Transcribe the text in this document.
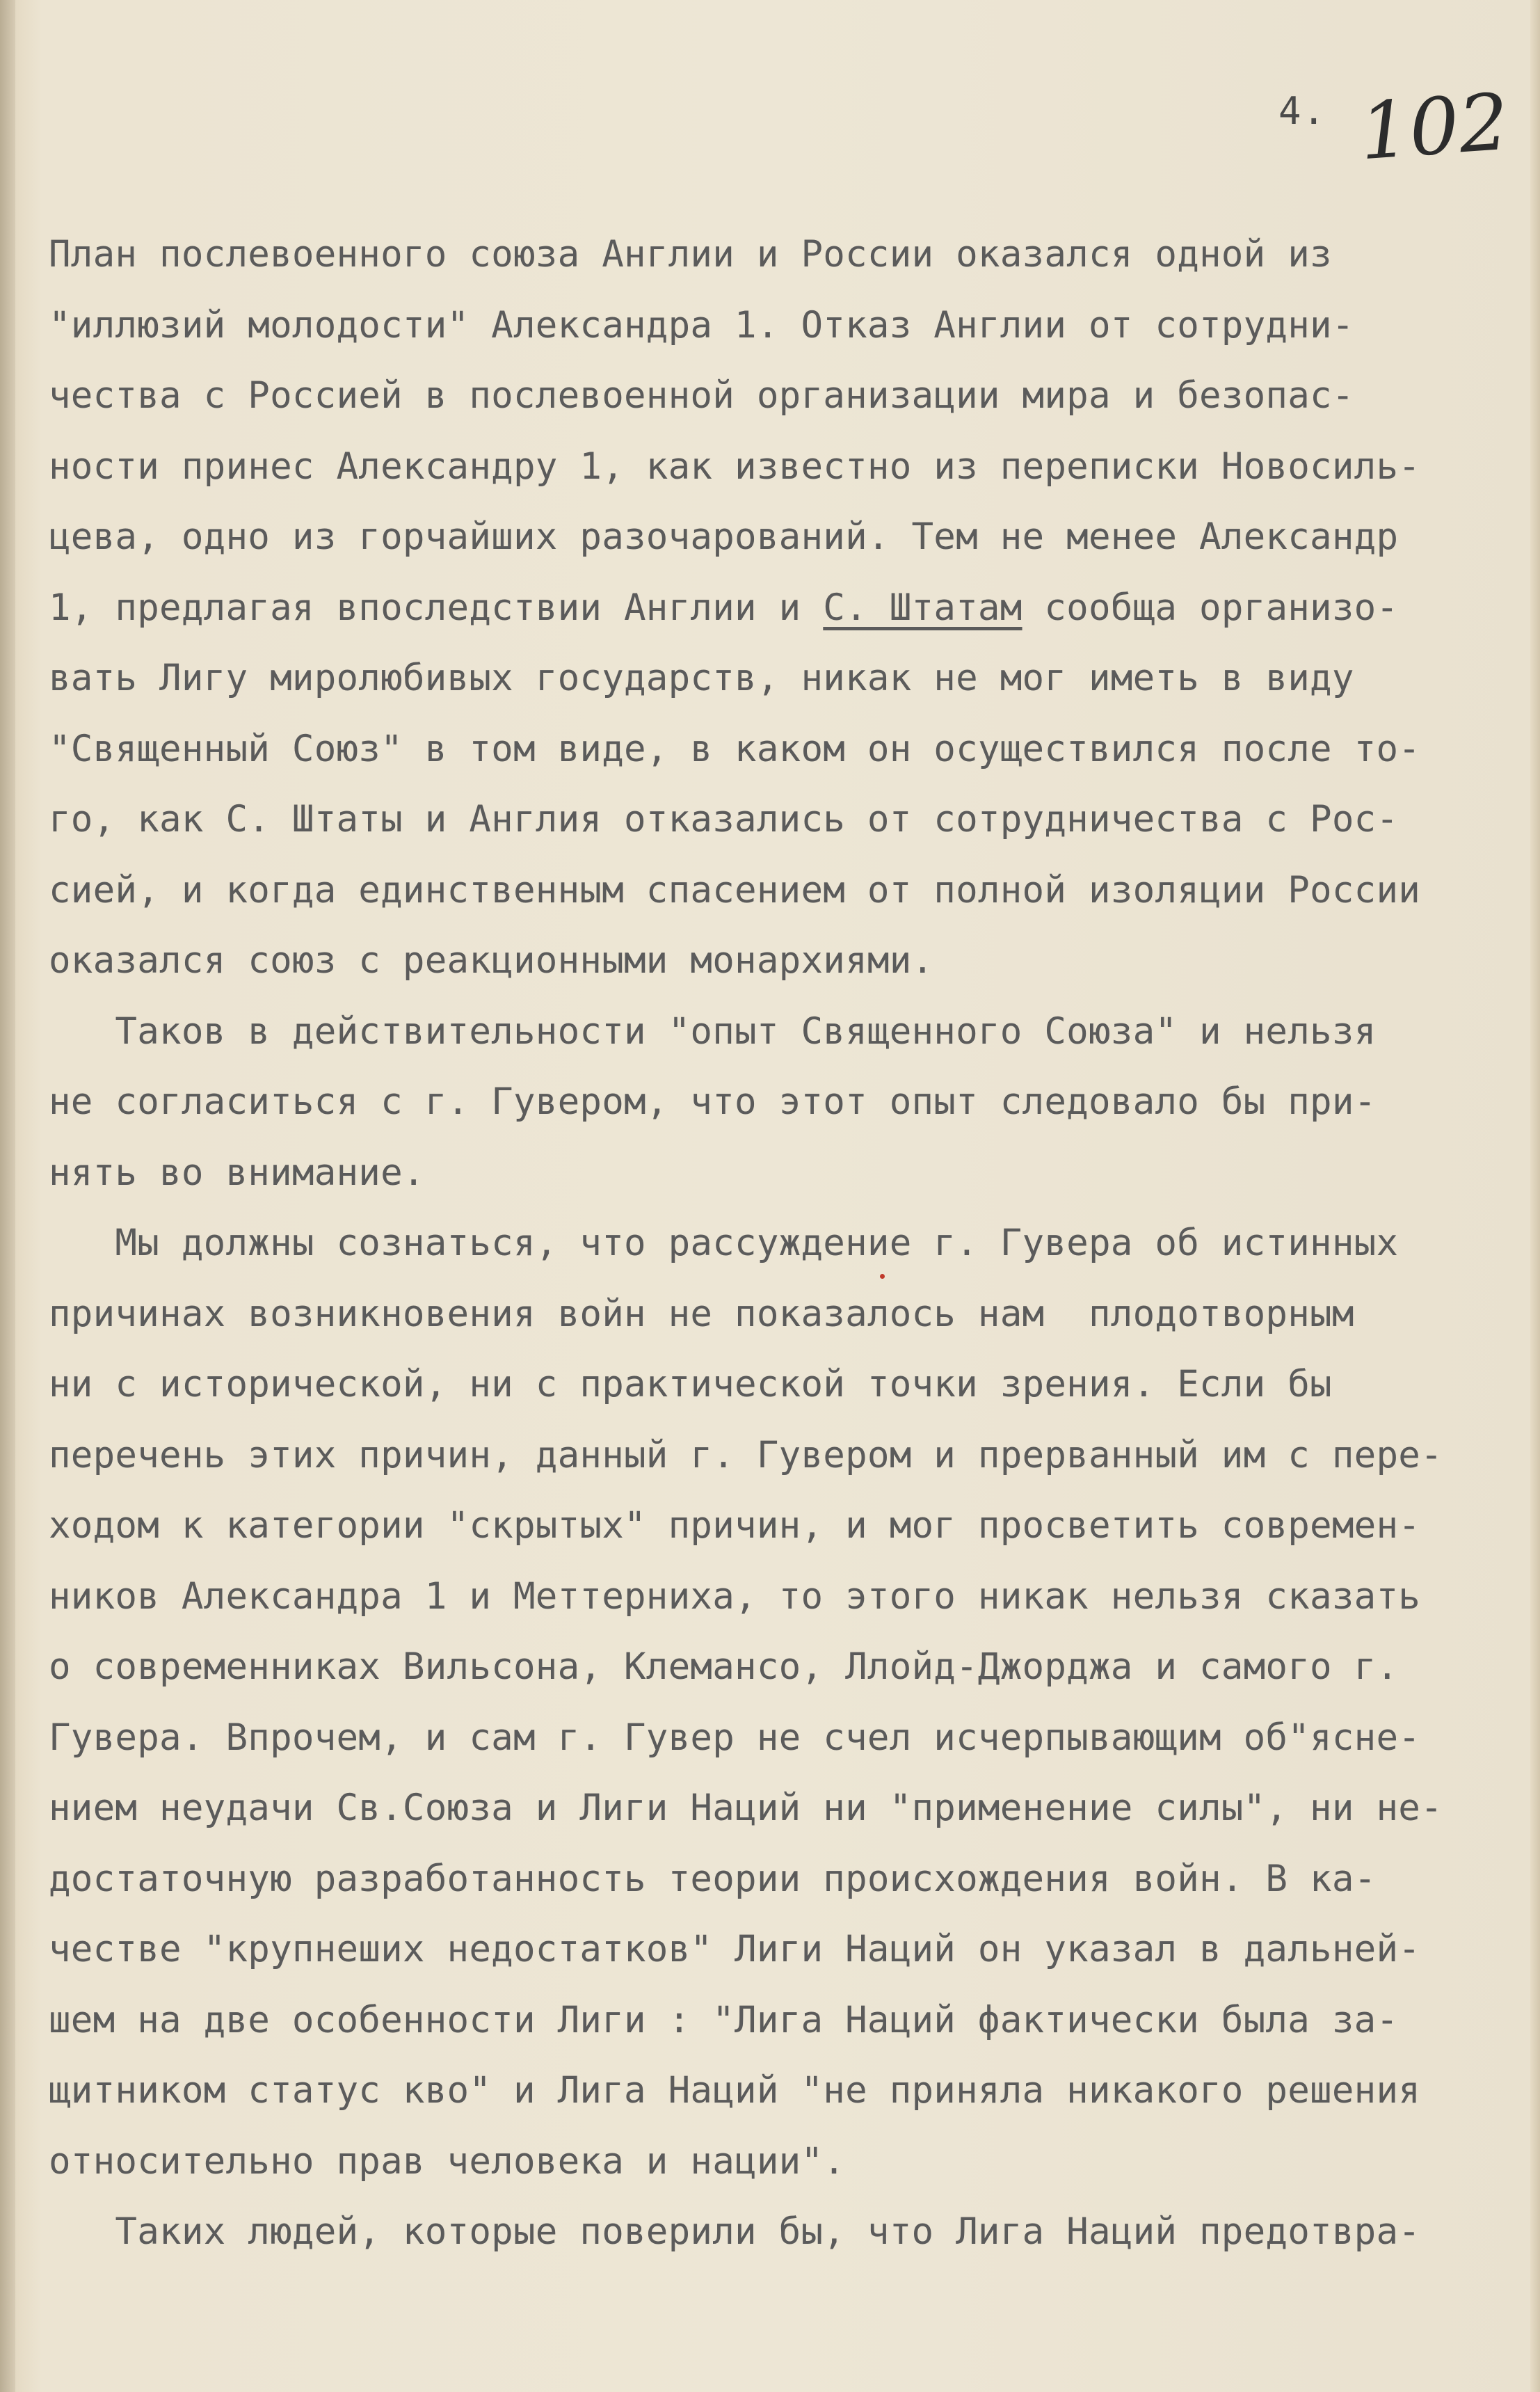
4. 102
План послевоенного союза Англии и России оказался одной из
"иллюзий молодости" Александра 1. Отказ Англии от сотрудни-
чества с Россией в послевоенной организации мира и безопас-
ности принес Александру 1, как известно из переписки Новосиль-
цева, одно из горчайших разочарований. Тем не менее Александр
1, предлагая впоследствии Англии и С. Штатам сообща организо-
вать Лигу миролюбивых государств, никак не мог иметь в виду
"Священный Союз" в том виде, в каком он осуществился после то-
го, как С. Штаты и Англия отказались от сотрудничества с Рос-
сией, и когда единственным спасением от полной изоляции России
оказался союз с реакционными монархиями.
Таков в действительности "опыт Священного Союза" и нельзя
не согласиться с г. Гувером, что этот опыт следовало бы при-
нять во внимание.
Мы должны сознаться, что рассуждение г. Гувера об истинных
причинах возникновения войн не показалось нам  плодотворным
ни с исторической, ни с практической точки зрения. Если бы
перечень этих причин, данный г. Гувером и прерванный им с пере-
ходом к категории "скрытых" причин, и мог просветить современ-
ников Александра 1 и Меттерниха, то этого никак нельзя сказать
о современниках Вильсона, Клемансо, Ллойд-Джорджа и самого г.
Гувера. Впрочем, и сам г. Гувер не счел исчерпывающим об"ясне-
нием неудачи Св.Союза и Лиги Наций ни "применение силы", ни не-
достаточную разработанность теории происхождения войн. В ка-
честве "крупнеших недостатков" Лиги Наций он указал в дальней-
шем на две особенности Лиги : "Лига Наций фактически была за-
щитником статус кво" и Лига Наций "не приняла никакого решения
относительно прав человека и нации".
Таких людей, которые поверили бы, что Лига Наций предотвра-
